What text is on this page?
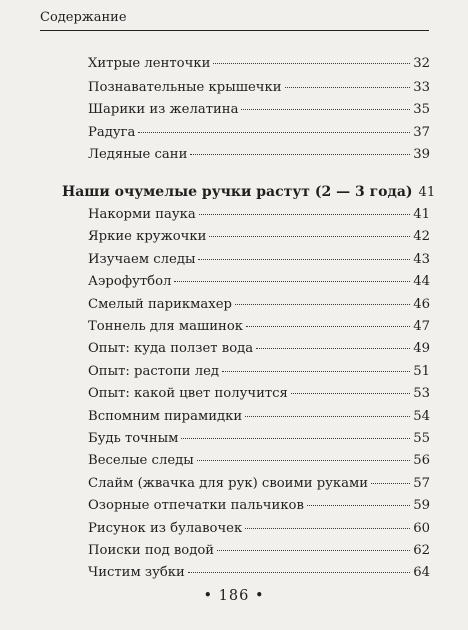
Содержание
Хитрые ленточки	32
Познавательные крышечки	33
Шарики из желатина	35
Радуга	37
Ледяные сани	39
Наши очумелые ручки растут (2 — 3 года) 41
Накорми паука	41
Яркие кружочки	42
Изучаем следы	43
Аэрофутбол	44
Смелый парикмахер	46
Тоннель для машинок	47
Опыт: куда ползет вода	49
Опыт: растопи лед	51
Опыт: какой цвет получится	53
Вспомним пирамидки	54
Будь точным	55
Веселые следы	56
Слайм (жвачка для рук) своими руками	57
Озорные отпечатки пальчиков	59
Рисунок из булавочек	60
Поиски под водой	62
Чистим зубки	64
• 186 •
